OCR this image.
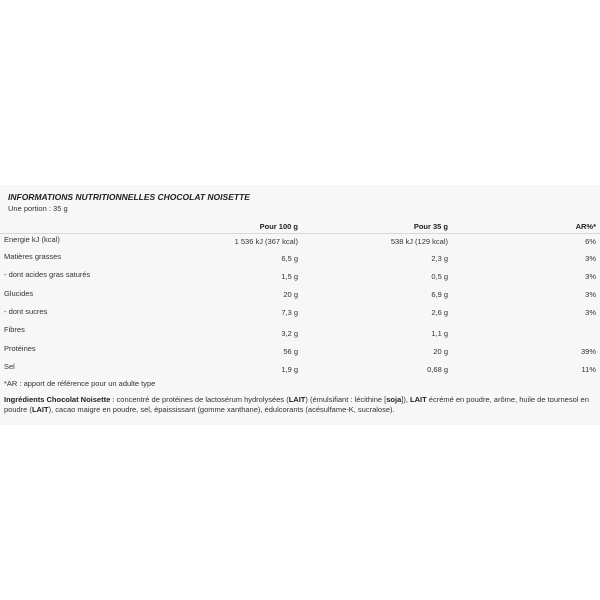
INFORMATIONS NUTRITIONNELLES CHOCOLAT NOISETTE
Une portion : 35 g
Pour 100 g	Pour 35 g	AR%*
Energie kJ (kcal)	1 536 kJ (367 kcal)	538 kJ (129 kcal)	6%
Matières grasses	6,5 g	2,3 g	3%
- dont acides gras saturés	1,5 g	0,5 g	3%
Glucides	20 g	6,9 g	3%
- dont sucres	7,3 g	2,6 g	3%
Fibres	3,2 g	1,1 g
Protéines	56 g	20 g	39%
Sel	1,9 g	0,68 g	11%
*AR : apport de référence pour un adulte type
Ingrédients Chocolat Noisette : concentré de protéines de lactosérum hydrolysées (LAIT) (émulsifiant : lécithine [soja]), LAIT écrémé en poudre, arôme, huile de tournesol en poudre (LAIT), cacao maigre en poudre, sel, épaississant (gomme xanthane), édulcorants (acésulfame-K, sucralose).
